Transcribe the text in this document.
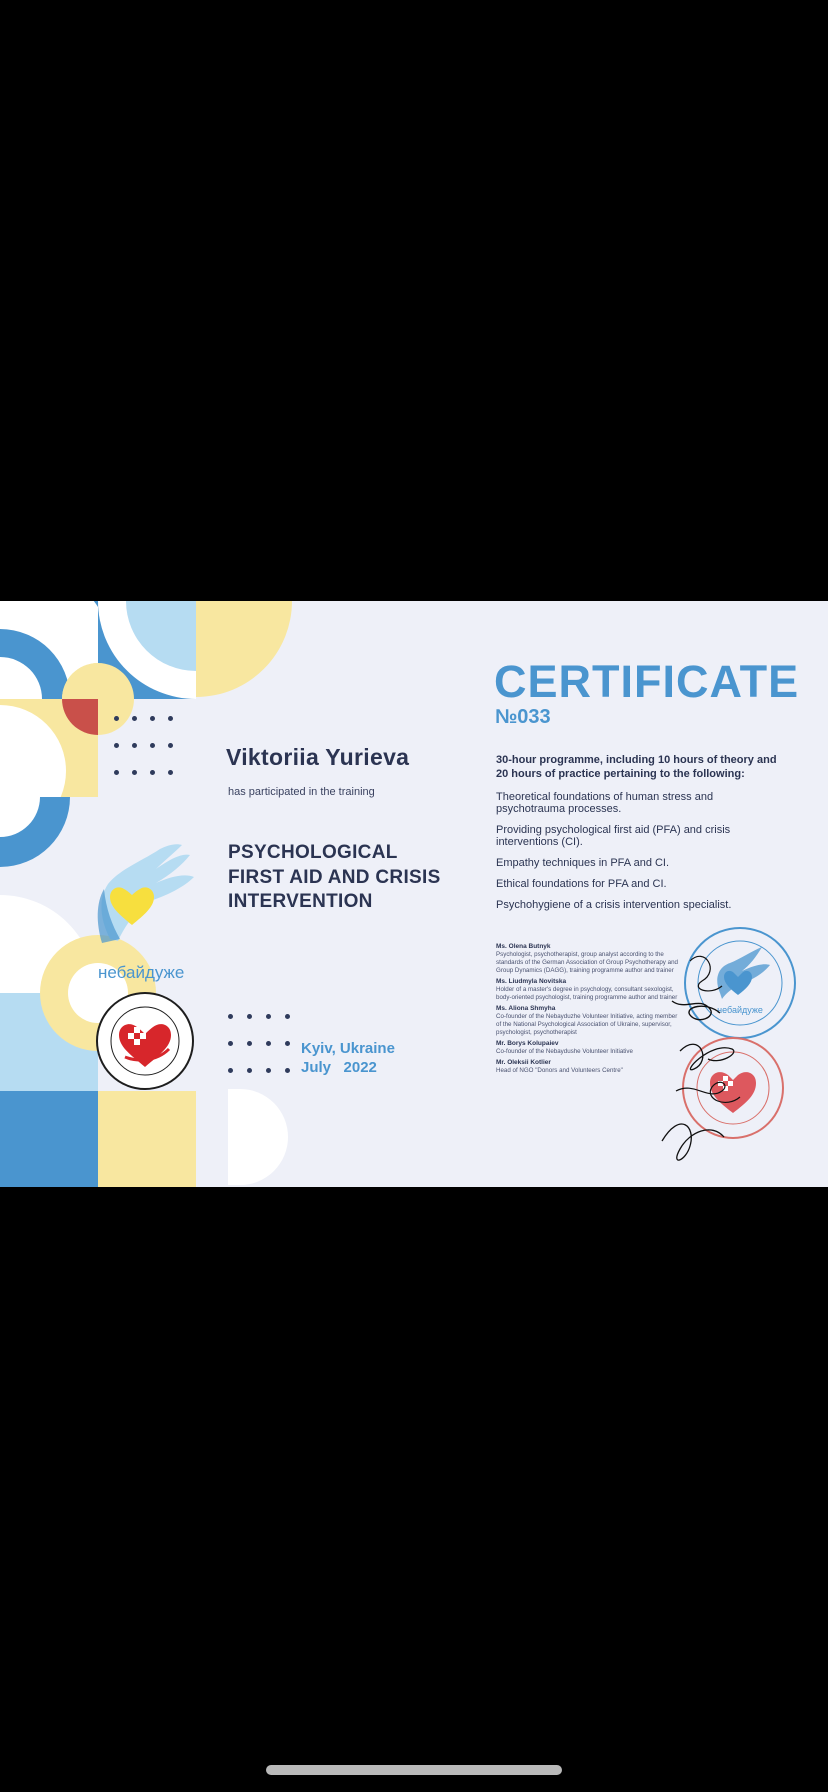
небайдуже
Viktoriia Yurieva
has participated in the training
PSYCHOLOGICAL
FIRST AID AND CRISIS
INTERVENTION
Kyiv, Ukraine
July   2022
CERTIFICATE
№033
30-hour programme, including 10 hours of theory and 20 hours of practice pertaining to the following:
Theoretical foundations of human stress and psychotrauma processes.
Providing psychological first aid (PFA) and crisis interventions (CI).
Empathy techniques in PFA and CI.
Ethical foundations for PFA and CI.
Psychohygiene of a crisis intervention specialist.
Ms. Olena Butnyk
Psychologist, psychotherapist, group analyst according to the standards of the German Association of Group Psychotherapy and Group Dynamics (DAGG), training programme author and trainer
Ms. Liudmyla Novitska
Holder of a master's degree in psychology, consultant sexologist, body-oriented psychologist, training programme author and trainer
Ms. Aliona Shmyha
Co-founder of the Nebayduzhe Volunteer Initiative, acting member of the National Psychological Association of Ukraine, supervisor, psychologist, psychotherapist
Mr. Borys Kolupaiev
Co-founder of the Nebaydushe Volunteer Initiative
Mr. Oleksii Kotlier
Head of NGO "Donors and Volunteers Centre"
небайдуже
